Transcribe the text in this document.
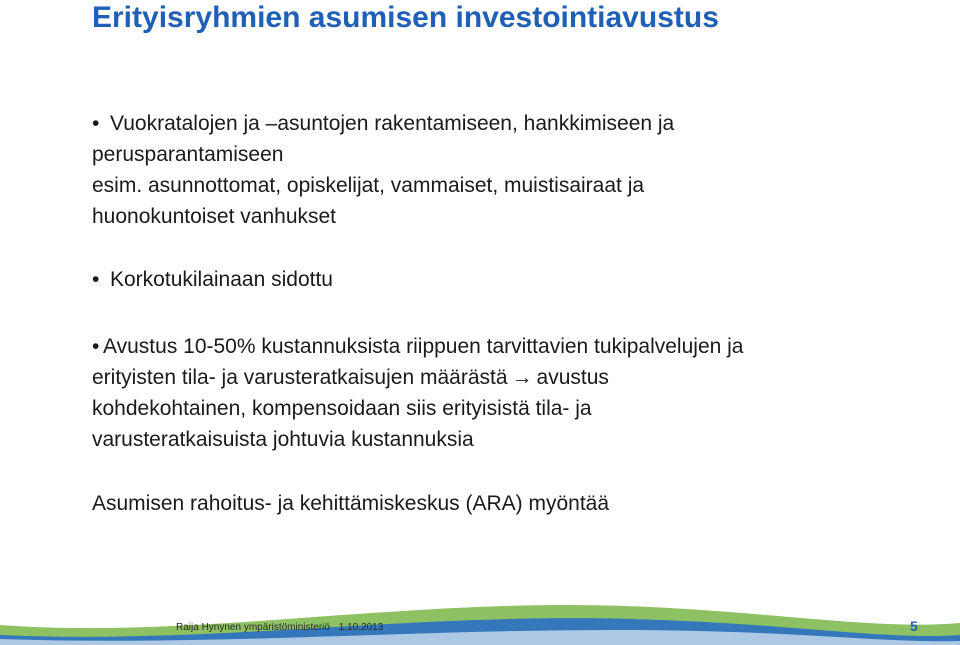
Erityisryhmien asumisen investointiavustus
• Vuokratalojen ja –asuntojen rakentamiseen, hankkimiseen ja
perusparantamiseen
esim. asunnottomat, opiskelijat, vammaiset, muistisairaat ja
huonokuntoiset vanhukset
• Korkotukilainaan sidottu
• Avustus 10-50% kustannuksista riippuen tarvittavien tukipalvelujen ja
erityisten tila- ja varusteratkaisujen määrästä → avustus
kohdekohtainen, kompensoidaan siis erityisistä tila- ja
varusteratkaisuista johtuvia kustannuksia
Asumisen rahoitus- ja kehittämiskeskus (ARA) myöntää
Raija Hynynen ympäristöministeriö 1.10.2013	5
